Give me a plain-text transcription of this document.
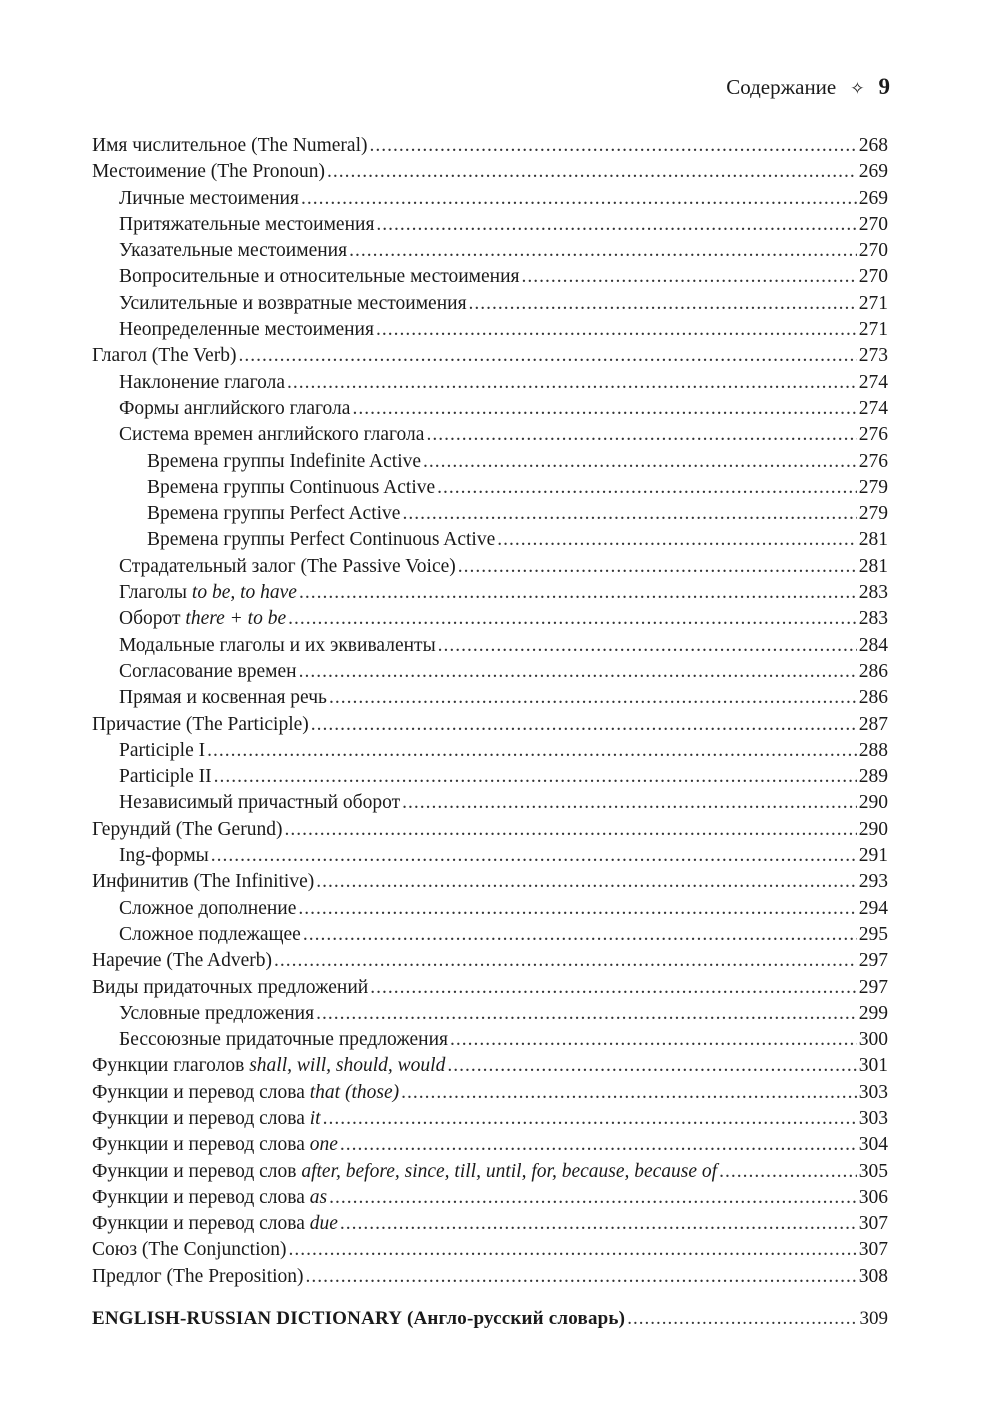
Содержание ✧ 9
Имя числительное (The Numeral) .....	268
Местоимение (The Pronoun) .....	269
Личные местоимения .....	269
Притяжательные местоимения .....	270
Указательные местоимения .....	270
Вопросительные и относительные местоимения .....	270
Усилительные и возвратные местоимения .....	271
Неопределенные местоимения .....	271
Глагол (The Verb) .....	273
Наклонение глагола .....	274
Формы английского глагола .....	274
Система времен английского глагола .....	276
Времена группы Indefinite Active .....	276
Времена группы Continuous Active .....	279
Времена группы Perfect Active .....	279
Времена группы Perfect Continuous Active .....	281
Страдательный залог (The Passive Voice) .....	281
Глаголы to be, to have .....	283
Оборот there + to be .....	283
Модальные глаголы и их эквиваленты .....	284
Согласование времен .....	286
Прямая и косвенная речь .....	286
Причастие (The Participle) .....	287
Participle I .....	288
Participle II .....	289
Независимый причастный оборот .....	290
Герундий (The Gerund) .....	290
Ing-формы .....	291
Инфинитив (The Infinitive) .....	293
Сложное дополнение .....	294
Сложное подлежащее .....	295
Наречие (The Adverb) .....	297
Виды придаточных предложений .....	297
Условные предложения .....	299
Бессоюзные придаточные предложения .....	300
Функции глаголов shall, will, should, would .....	301
Функции и перевод слова that (those) .....	303
Функции и перевод слова it .....	303
Функции и перевод слова one .....	304
Функции и перевод слов after, before, since, till, until, for, because, because of .....	305
Функции и перевод слова as .....	306
Функции и перевод слова due .....	307
Союз (The Conjunction) .....	307
Предлог (The Preposition) .....	308
ENGLISH-RUSSIAN DICTIONARY (Англо-русский словарь) .....	309
